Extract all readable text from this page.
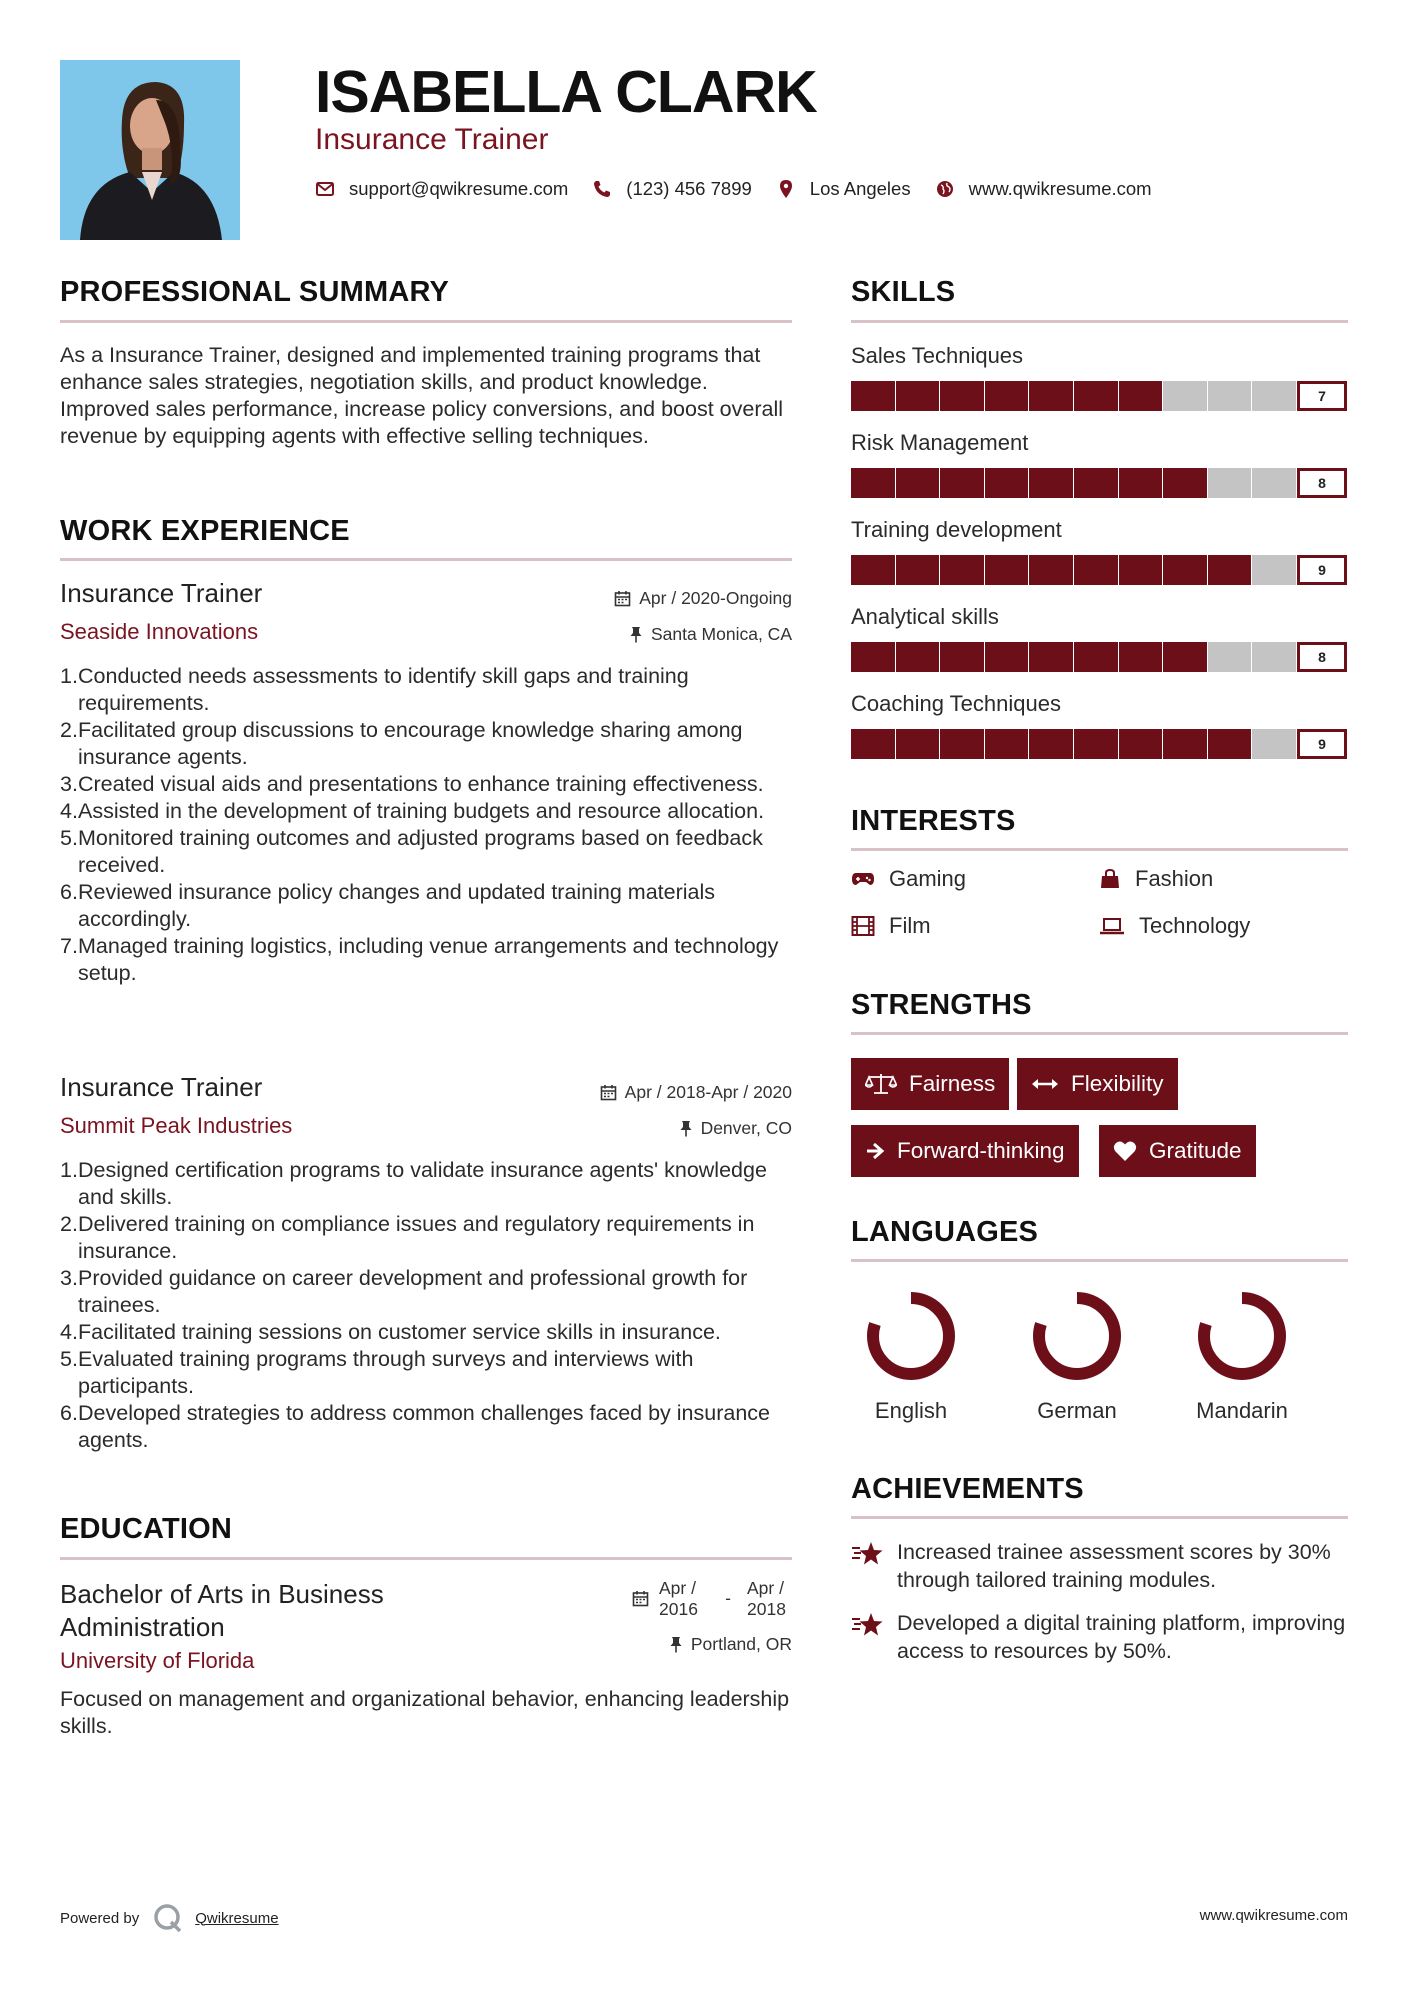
ISABELLA CLARK
Insurance Trainer
support@qwikresume.com	(123) 456 7899	Los Angeles	www.qwikresume.com
PROFESSIONAL SUMMARY
As a Insurance Trainer, designed and implemented training programs that enhance sales strategies, negotiation skills, and product knowledge. Improved sales performance, increase policy conversions, and boost overall revenue by equipping agents with effective selling techniques.
WORK EXPERIENCE
Insurance Trainer
Seaside Innovations
Apr / 2020-Ongoing
Santa Monica, CA
1. Conducted needs assessments to identify skill gaps and training requirements.
2. Facilitated group discussions to encourage knowledge sharing among insurance agents.
3. Created visual aids and presentations to enhance training effectiveness.
4. Assisted in the development of training budgets and resource allocation.
5. Monitored training outcomes and adjusted programs based on feedback received.
6. Reviewed insurance policy changes and updated training materials accordingly.
7. Managed training logistics, including venue arrangements and technology setup.
Insurance Trainer
Summit Peak Industries
Apr / 2018-Apr / 2020
Denver, CO
1. Designed certification programs to validate insurance agents' knowledge and skills.
2. Delivered training on compliance issues and regulatory requirements in insurance.
3. Provided guidance on career development and professional growth for trainees.
4. Facilitated training sessions on customer service skills in insurance.
5. Evaluated training programs through surveys and interviews with participants.
6. Developed strategies to address common challenges faced by insurance agents.
EDUCATION
Bachelor of Arts in Business Administration
University of Florida
Apr /
2016
- Apr /
2018
Portland, OR
Focused on management and organizational behavior, enhancing leadership skills.
SKILLS
Sales Techniques
7
Risk Management
8
Training development
9
Analytical skills
8
Coaching Techniques
9
INTERESTS
Gaming	Fashion
Film	Technology
STRENGTHS
Fairness	Flexibility
Forward-thinking	Gratitude
LANGUAGES
English	German	Mandarin
ACHIEVEMENTS
Increased trainee assessment scores by 30% through tailored training modules.
Developed a digital training platform, improving access to resources by 50%.
Powered by	Qwikresume	www.qwikresume.com
